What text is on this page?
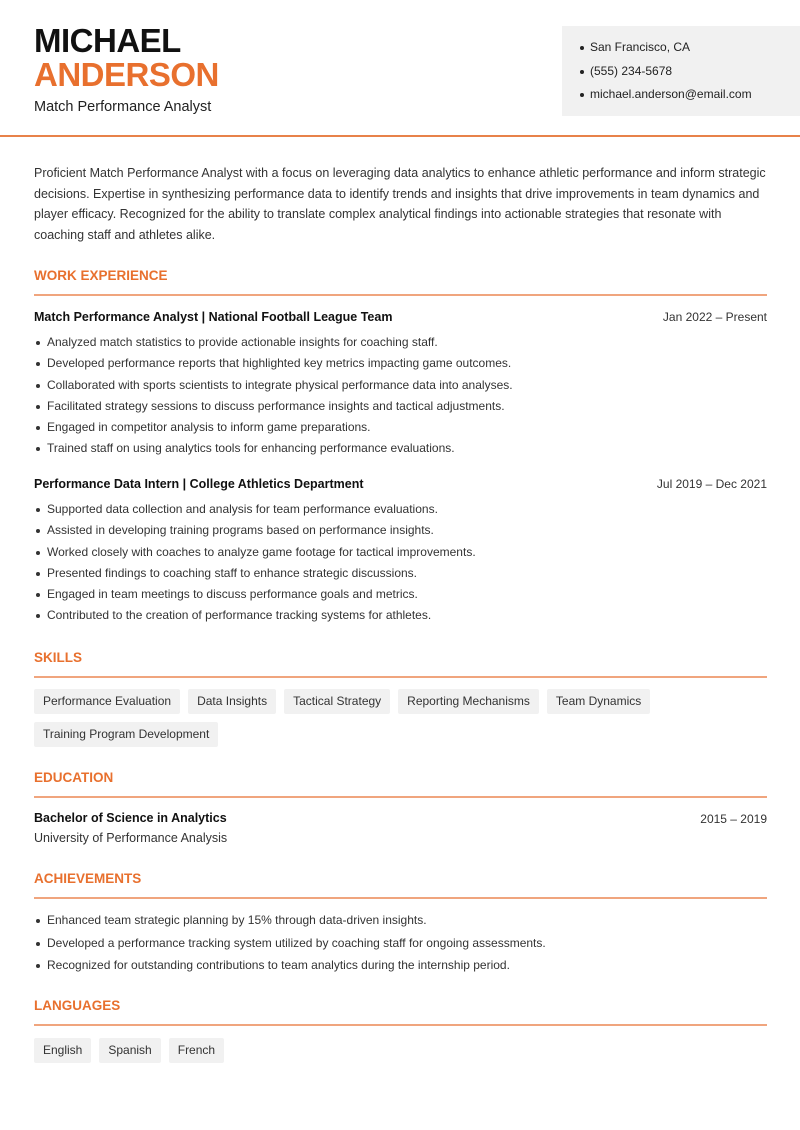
MICHAEL
ANDERSON
Match Performance Analyst
San Francisco, CA
(555) 234-5678
michael.anderson@email.com

Proficient Match Performance Analyst with a focus on leveraging data analytics to enhance athletic performance and inform strategic decisions. Expertise in synthesizing performance data to identify trends and insights that drive improvements in team dynamics and player efficacy. Recognized for the ability to translate complex analytical findings into actionable strategies that resonate with coaching staff and athletes alike.

WORK EXPERIENCE
Match Performance Analyst | National Football League Team	Jan 2022 – Present
Analyzed match statistics to provide actionable insights for coaching staff.
Developed performance reports that highlighted key metrics impacting game outcomes.
Collaborated with sports scientists to integrate physical performance data into analyses.
Facilitated strategy sessions to discuss performance insights and tactical adjustments.
Engaged in competitor analysis to inform game preparations.
Trained staff on using analytics tools for enhancing performance evaluations.
Performance Data Intern | College Athletics Department	Jul 2019 – Dec 2021
Supported data collection and analysis for team performance evaluations.
Assisted in developing training programs based on performance insights.
Worked closely with coaches to analyze game footage for tactical improvements.
Presented findings to coaching staff to enhance strategic discussions.
Engaged in team meetings to discuss performance goals and metrics.
Contributed to the creation of performance tracking systems for athletes.
SKILLS
Performance Evaluation	Data Insights	Tactical Strategy	Reporting Mechanisms	Team Dynamics
Training Program Development
EDUCATION
Bachelor of Science in Analytics	2015 – 2019
University of Performance Analysis
ACHIEVEMENTS
Enhanced team strategic planning by 15% through data-driven insights.
Developed a performance tracking system utilized by coaching staff for ongoing assessments.
Recognized for outstanding contributions to team analytics during the internship period.
LANGUAGES
English	Spanish	French
